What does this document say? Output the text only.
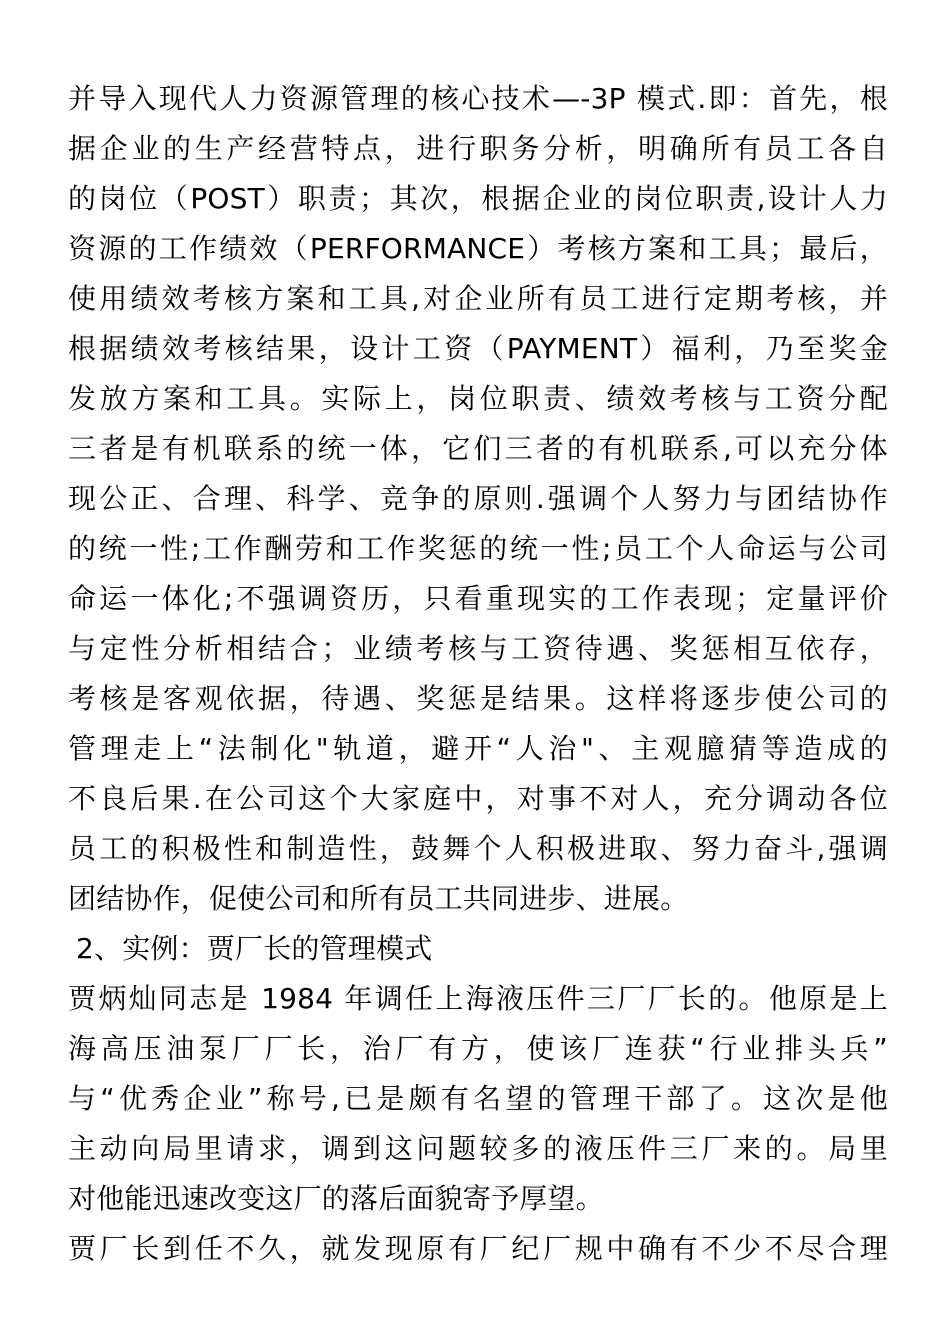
并导入现代人力资源管理的核心技术—-3P 模式.即：首先，根
据企业的生产经营特点，进行职务分析，明确所有员工各自
的岗位（POST）职责；其次，根据企业的岗位职责,设计人力
资源的工作绩效（PERFORMANCE）考核方案和工具；最后，
使用绩效考核方案和工具,对企业所有员工进行定期考核，并
根据绩效考核结果，设计工资（PAYMENT）福利，乃至奖金
发放方案和工具。实际上，岗位职责、绩效考核与工资分配
三者是有机联系的统一体，它们三者的有机联系,可以充分体
现公正、合理、科学、竞争的原则.强调个人努力与团结协作
的统一性;工作酬劳和工作奖惩的统一性;员工个人命运与公司
命运一体化;不强调资历，只看重现实的工作表现；定量评价
与定性分析相结合；业绩考核与工资待遇、奖惩相互依存，
考核是客观依据，待遇、奖惩是结果。这样将逐步使公司的
管理走上“法制化"轨道，避开“人治"、主观臆猜等造成的
不良后果.在公司这个大家庭中，对事不对人，充分调动各位
员工的积极性和制造性，鼓舞个人积极进取、努力奋斗,强调
团结协作，促使公司和所有员工共同进步、进展。
2、实例：贾厂长的管理模式
贾炳灿同志是 1984 年调任上海液压件三厂厂长的。他原是上
海高压油泵厂厂长，治厂有方，使该厂连获“行业排头兵”
与“优秀企业”称号,已是颇有名望的管理干部了。这次是他
主动向局里请求，调到这问题较多的液压件三厂来的。局里
对他能迅速改变这厂的落后面貌寄予厚望。
贾厂长到任不久，就发现原有厂纪厂规中确有不少不尽合理
